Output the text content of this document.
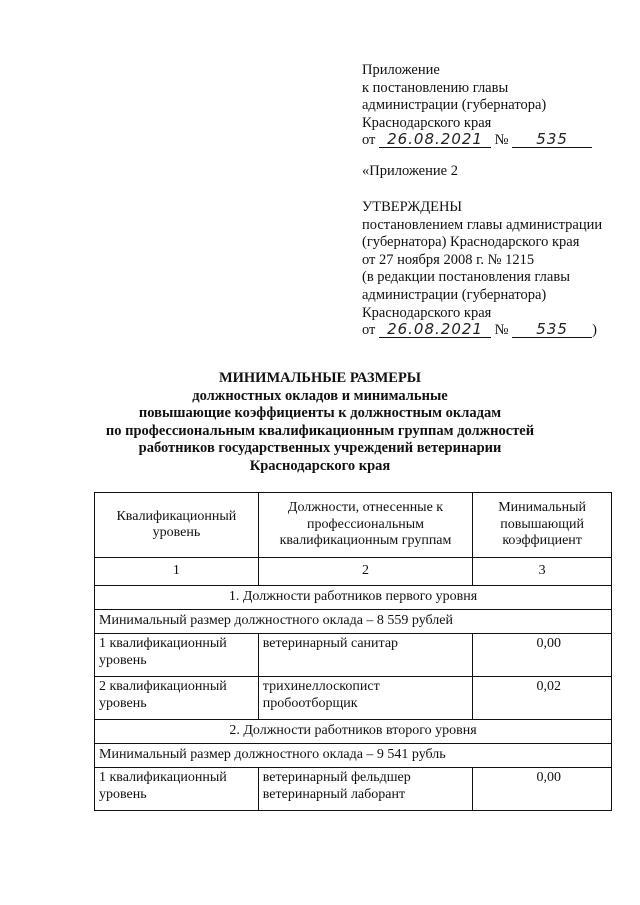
Приложение
к постановлению главы
администрации (губернатора)
Краснодарского края
от 26.08.2021 № 535
«Приложение 2
УТВЕРЖДЕНЫ
постановлением главы администрации
(губернатора) Краснодарского края
от 27 ноября 2008 г. № 1215
(в редакции постановления главы
администрации (губернатора)
Краснодарского края
от 26.08.2021 № 535 )
МИНИМАЛЬНЫЕ РАЗМЕРЫ
должностных окладов и минимальные
повышающие коэффициенты к должностным окладам
по профессиональным квалификационным группам должностей
работников государственных учреждений ветеринарии
Краснодарского края
Квалификационный уровень	Должности, отнесенные к профессиональным квалификационным группам	Минимальный повышающий коэффициент
1	2	3
1. Должности работников первого уровня		
Минимальный размер должностного оклада – 8 559 рублей		
1 квалификационный уровень	ветеринарный санитар	0,00
2 квалификационный уровень	трихинеллоскопист пробоотборщик	0,02
2. Должности работников второго уровня		
Минимальный размер должностного оклада – 9 541 рубль		
1 квалификационный уровень	ветеринарный фельдшер ветеринарный лаборант	0,00
